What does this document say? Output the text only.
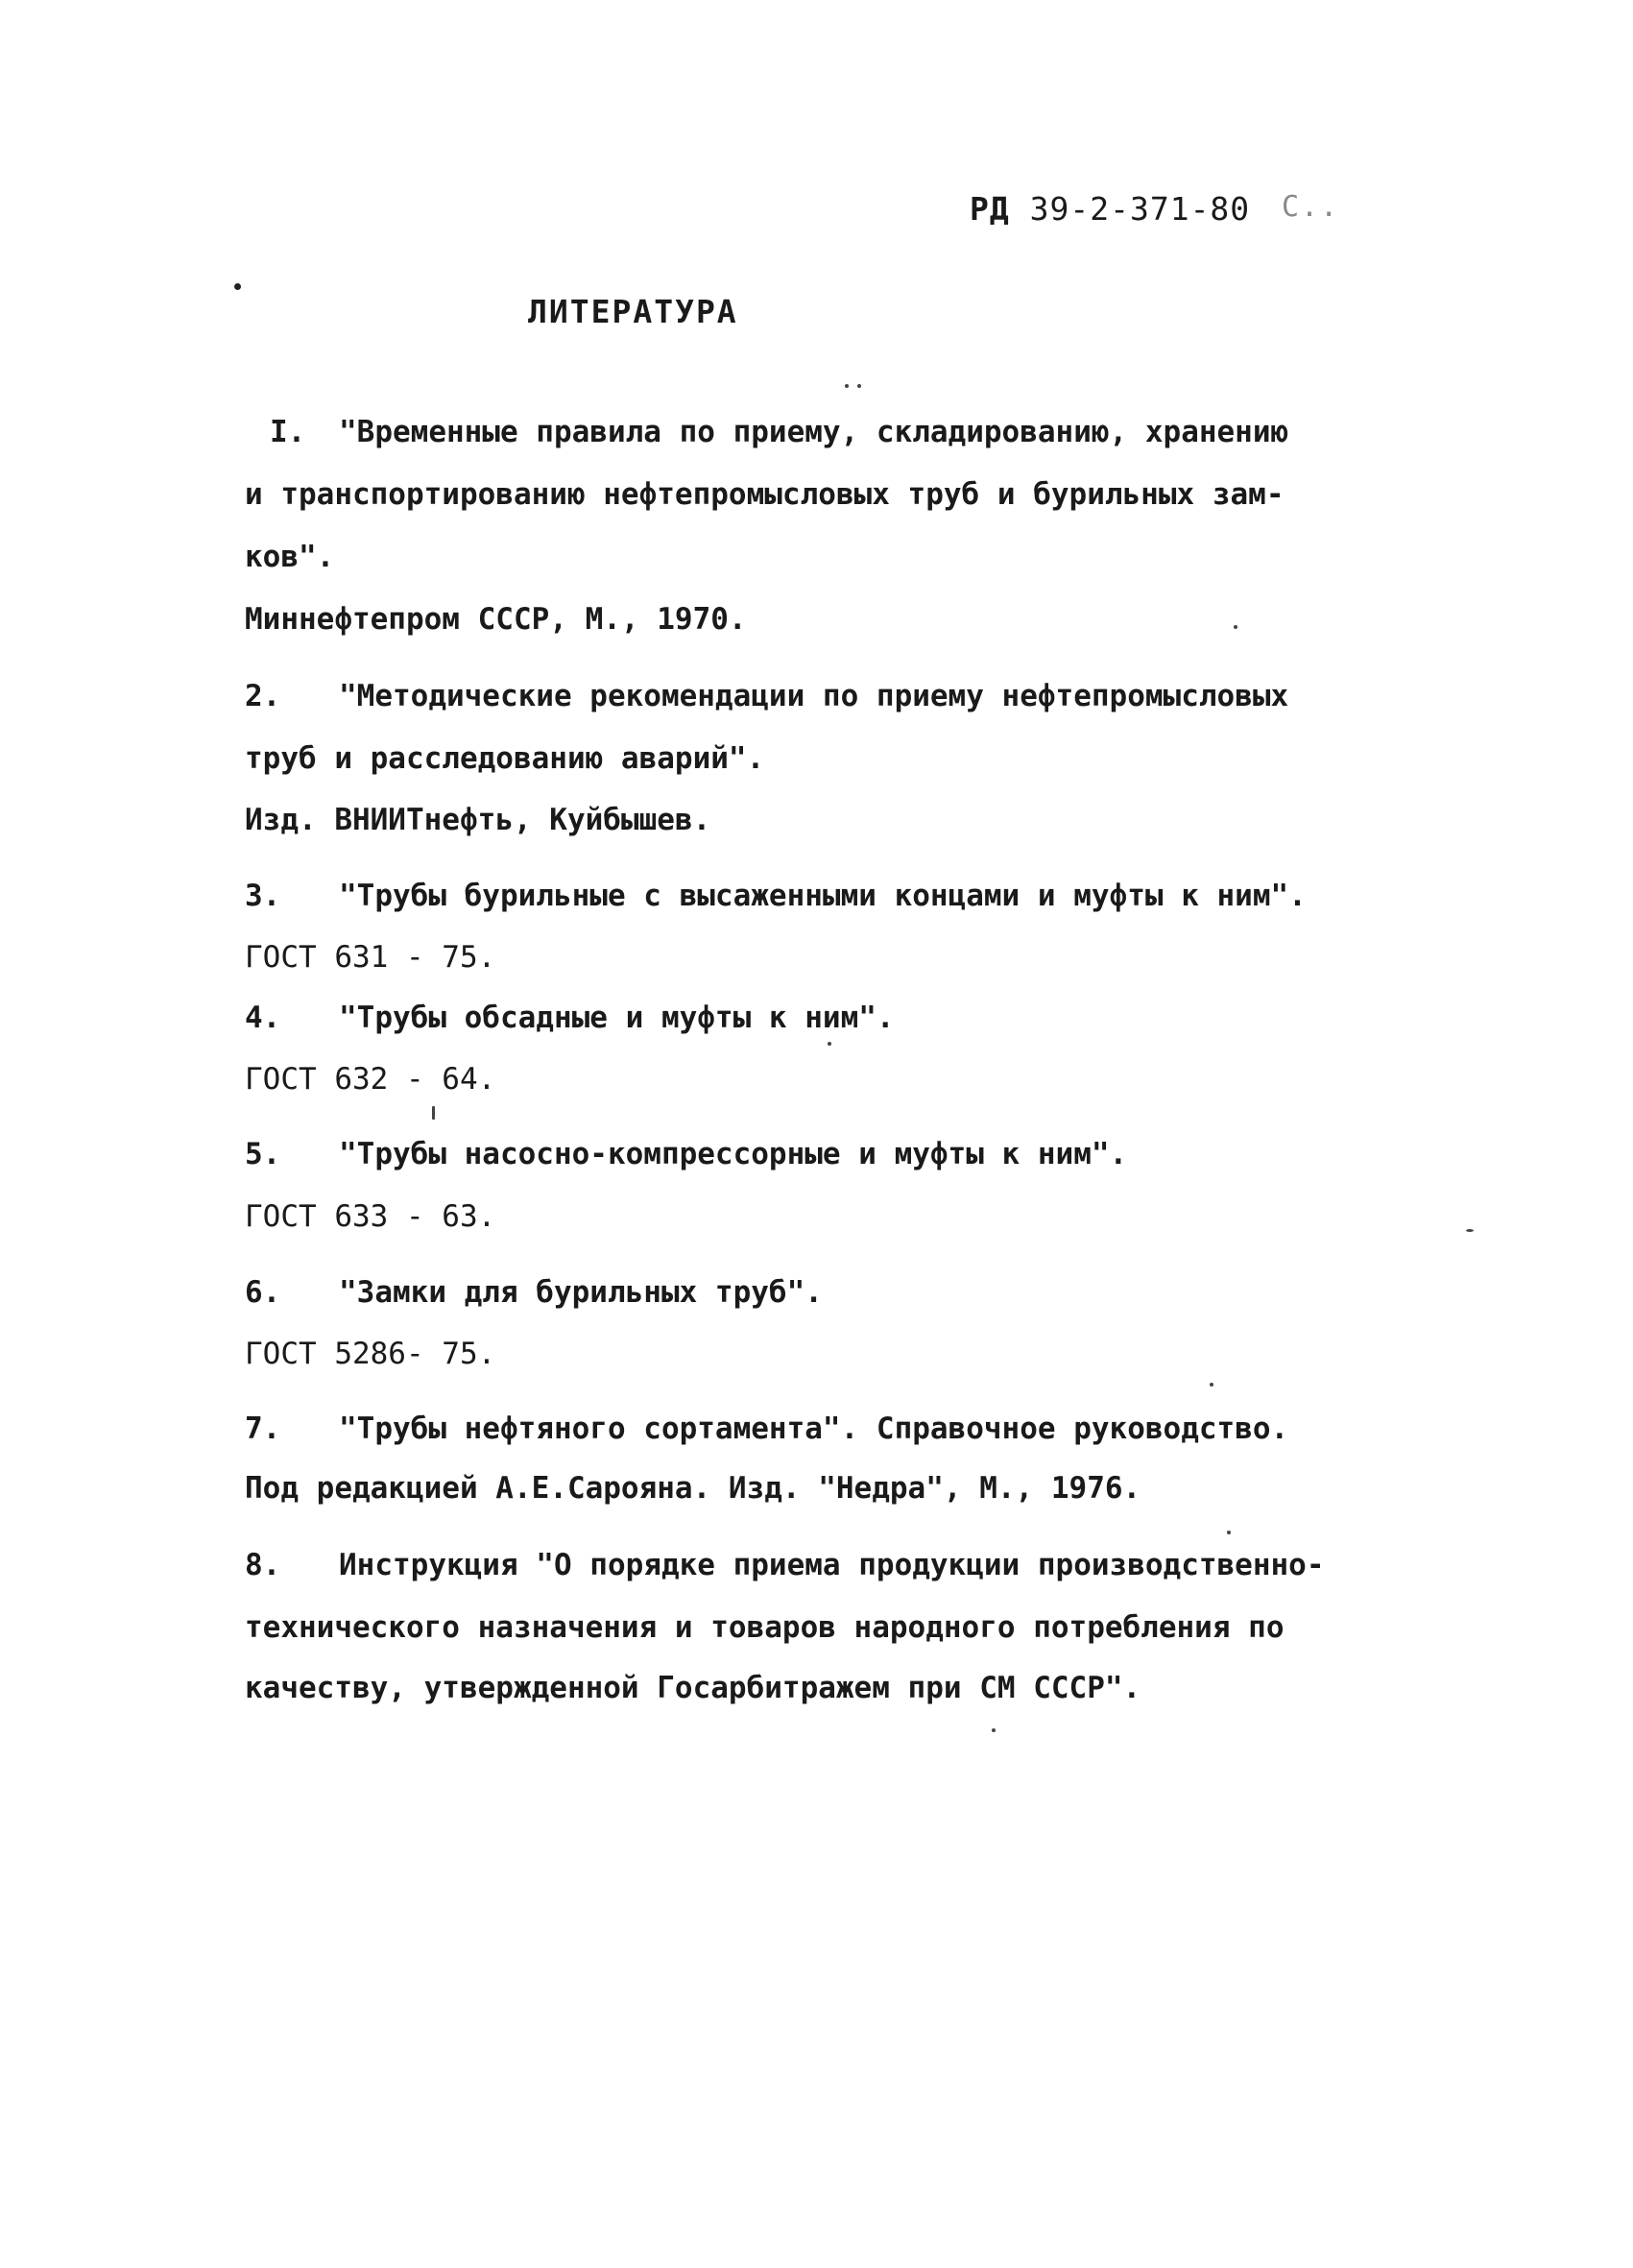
РД 39-2-371-80 С..
ЛИТЕРАТУРА
I. "Временные правила по приему, складированию, хранению
и транспортированию нефтепромысловых труб и бурильных зам-
ков".
Миннефтепром СССР, М., 1970.
2. "Методические рекомендации по приему нефтепромысловых
труб и расследованию аварий".
Изд. ВНИИТнефть, Куйбышев.
3. "Трубы бурильные с высаженными концами и муфты к ним".
ГОСТ 631 - 75.
4. "Трубы обсадные и муфты к ним".
ГОСТ 632 - 64.
5. "Трубы насосно-компрессорные и муфты к ним".
ГОСТ 633 - 63.
6. "Замки для бурильных труб".
ГОСТ 5286- 75.
7. "Трубы нефтяного сортамента". Справочное руководство.
Под редакцией А.Е.Сарояна. Изд. "Недра", М., 1976.
8. Инструкция "О порядке приема продукции производственно-
технического назначения и товаров народного потребления по
качеству, утвержденной Госарбитражем при СМ СССР".
